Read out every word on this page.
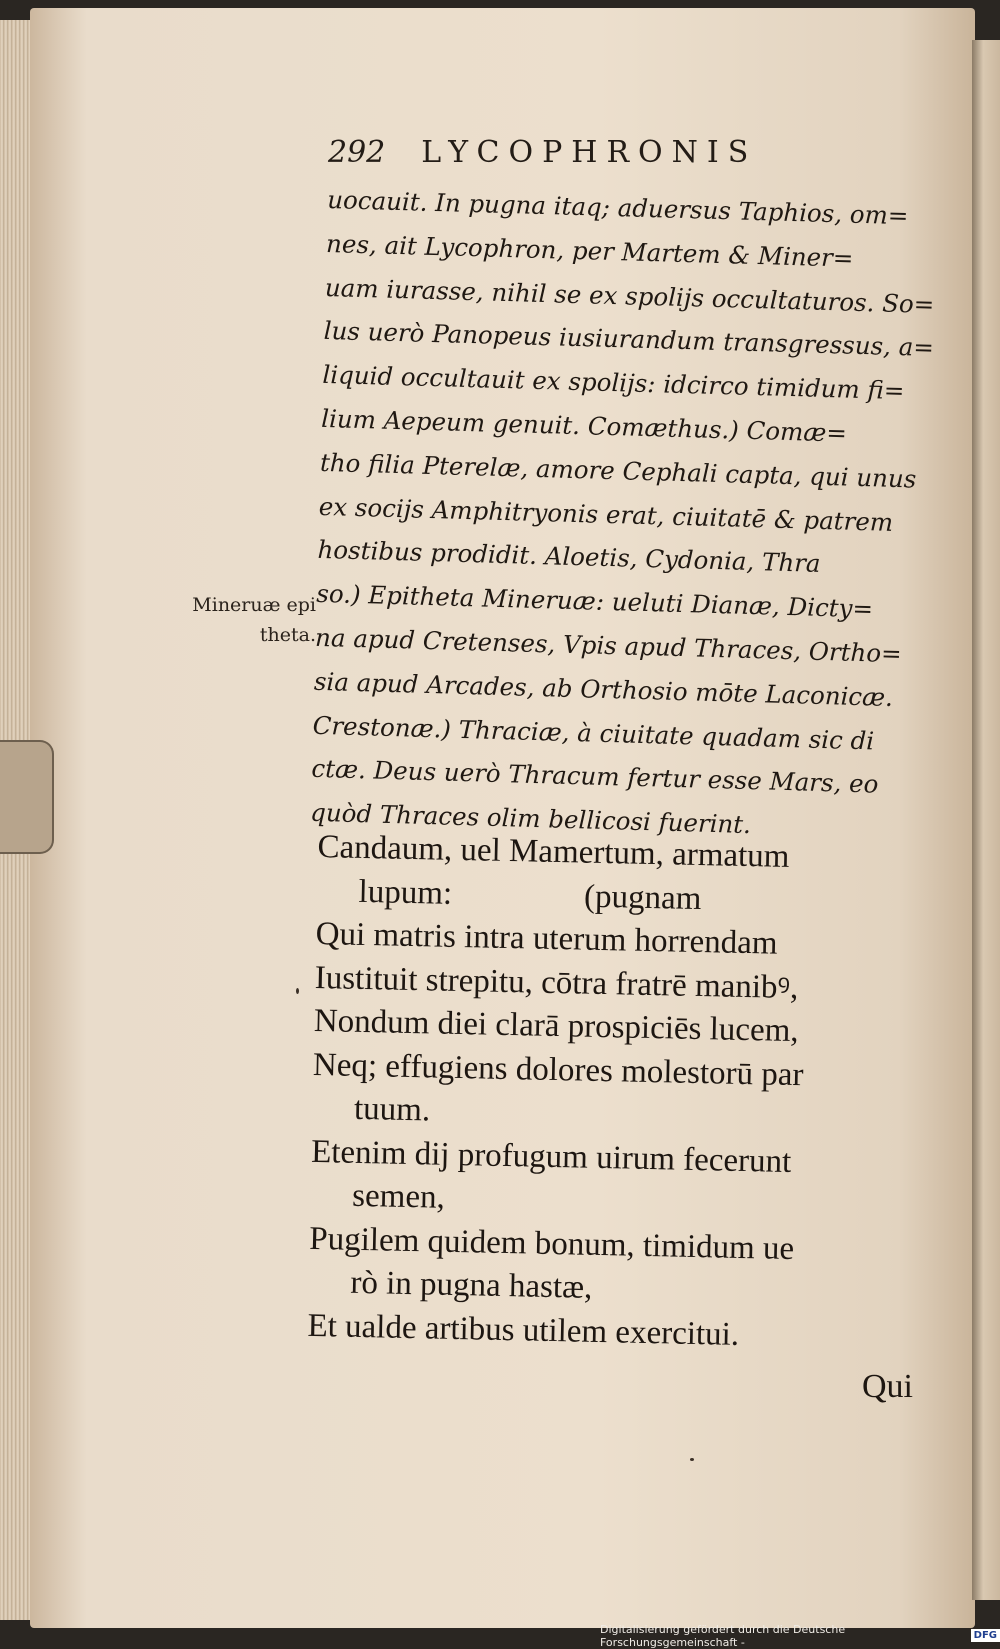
292 LYCOPHRONIS
Mineruæ epi
theta.
uocauit. In pugna itaq; aduersus Taphios, om=
nes, ait Lycophron, per Martem & Miner=
uam iurasse, nihil se ex spolijs occultaturos. So=
lus uerò Panopeus iusiurandum transgressus, a=
liquid occultauit ex spolijs: idcirco timidum fi=
lium Aepeum genuit. Comæthus.) Comæ=
tho filia Pterelæ, amore Cephali capta, qui unus
ex socijs Amphitryonis erat, ciuitatē & patrem
hostibus prodidit. Aloetis, Cydonia, Thra
so.) Epitheta Mineruæ: ueluti Dianæ, Dicty=
na apud Cretenses, Vpis apud Thraces, Ortho=
sia apud Arcades, ab Orthosio mōte Laconicæ.
Crestonæ.) Thraciæ, à ciuitate quadam sic di
ctæ. Deus uerò Thracum fertur esse Mars, eo
quòd Thraces olim bellicosi fuerint.
Candaum, uel Mamertum, armatum
lupum:                (pugnam
Qui matris intra uterum horrendam
Iustituit strepitu, cōtra fratrē manibꝰ,
Nondum diei clarā prospiciēs lucem,
Neq; effugiens dolores molestorū par
tuum.
Etenim dij profugum uirum fecerunt
semen,
Pugilem quidem bonum, timidum ue
rò in pugna hastæ,
Et ualde artibus utilem exercitui.
Qui
Digitalisierung gefördert durch die Deutsche Forschungsgemeinschaft -	DFG
